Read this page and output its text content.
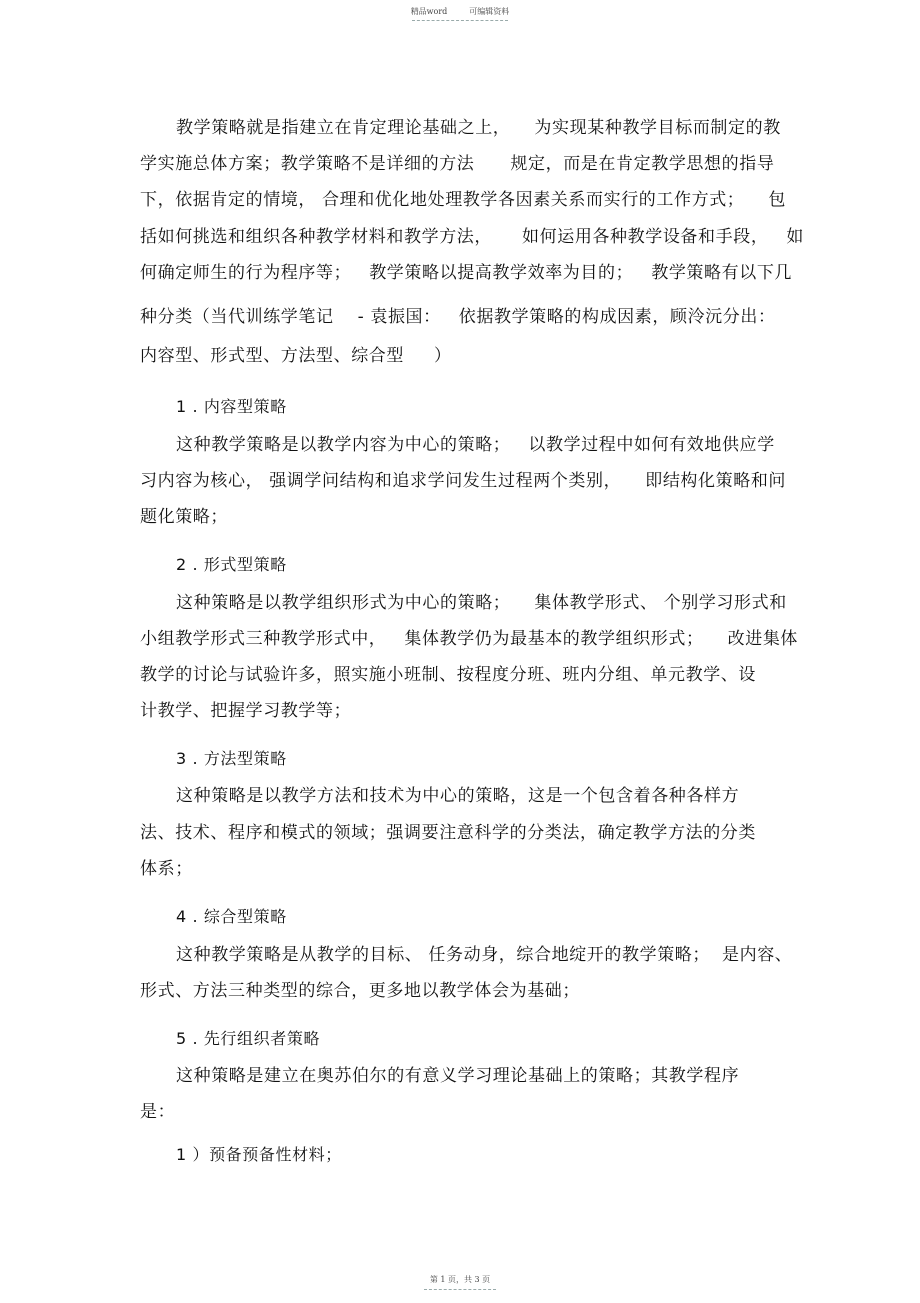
精品word	可编辑资料
教学策略就是指建立在肯定理论基础之上，    为实现某种教学目标而制定的教
学实施总体方案；教学策略不是详细的方法      规定，而是在肯定教学思想的指导
下，依据肯定的情境， 合理和优化地处理教学各因素关系而实行的工作方式；    包
括如何挑选和组织各种教学材料和教学方法，     如何运用各种教学设备和手段，   如
何确定师生的行为程序等；   教学策略以提高教学效率为目的；   教学策略有以下几
种分类（当代训练学笔记    - 袁振国：   依据教学策略的构成因素，顾泠沅分出：
内容型、形式型、方法型、综合型     ）
1 . 内容型策略
这种教学策略是以教学内容为中心的策略；   以教学过程中如何有效地供应学
习内容为核心， 强调学问结构和追求学问发生过程两个类别，    即结构化策略和问
题化策略；
2 . 形式型策略
这种策略是以教学组织形式为中心的策略；    集体教学形式、 个别学习形式和
小组教学形式三种教学形式中，   集体教学仍为最基本的教学组织形式；    改进集体
教学的讨论与试验许多，照实施小班制、按程度分班、班内分组、单元教学、设
计教学、把握学习教学等；
3 . 方法型策略
这种策略是以教学方法和技术为中心的策略，这是一个包含着各种各样方
法、技术、程序和模式的领域；强调要注意科学的分类法，确定教学方法的分类
体系；
4 . 综合型策略
这种教学策略是从教学的目标、 任务动身，综合地绽开的教学策略；  是内容、
形式、方法三种类型的综合，更多地以教学体会为基础；
5 . 先行组织者策略
这种策略是建立在奥苏伯尔的有意义学习理论基础上的策略；其教学程序
是：
1 ）预备预备性材料；
第 1 页，共 3 页
